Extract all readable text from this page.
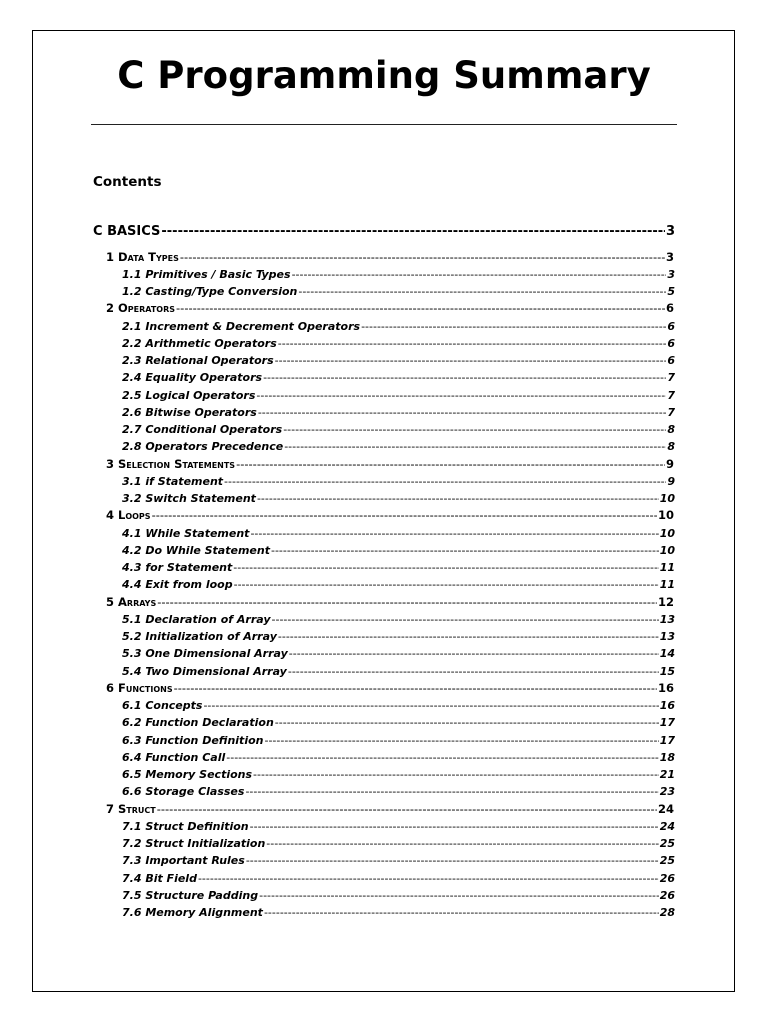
C Programming Summary
Contents
C BASICS -----	3
1 Data Types -----	3
1.1 Primitives / Basic Types -----	3
1.2 Casting/Type Conversion -----	5
2 Operators -----	6
2.1 Increment & Decrement Operators -----	6
2.2 Arithmetic Operators -----	6
2.3 Relational Operators -----	6
2.4 Equality Operators -----	7
2.5 Logical Operators -----	7
2.6 Bitwise Operators -----	7
2.7 Conditional Operators -----	8
2.8 Operators Precedence -----	8
3 Selection Statements -----	9
3.1 if Statement -----	9
3.2 Switch Statement -----	10
4 Loops -----	10
4.1 While Statement -----	10
4.2 Do While Statement -----	10
4.3 for Statement -----	11
4.4 Exit from loop -----	11
5 Arrays -----	12
5.1 Declaration of Array -----	13
5.2 Initialization of Array -----	13
5.3 One Dimensional Array -----	14
5.4 Two Dimensional Array -----	15
6 Functions -----	16
6.1 Concepts -----	16
6.2 Function Declaration -----	17
6.3 Function Definition -----	17
6.4 Function Call -----	18
6.5 Memory Sections -----	21
6.6 Storage Classes -----	23
7 Struct -----	24
7.1 Struct Definition -----	24
7.2 Struct Initialization -----	25
7.3 Important Rules -----	25
7.4 Bit Field -----	26
7.5 Structure Padding -----	26
7.6 Memory Alignment -----	28
